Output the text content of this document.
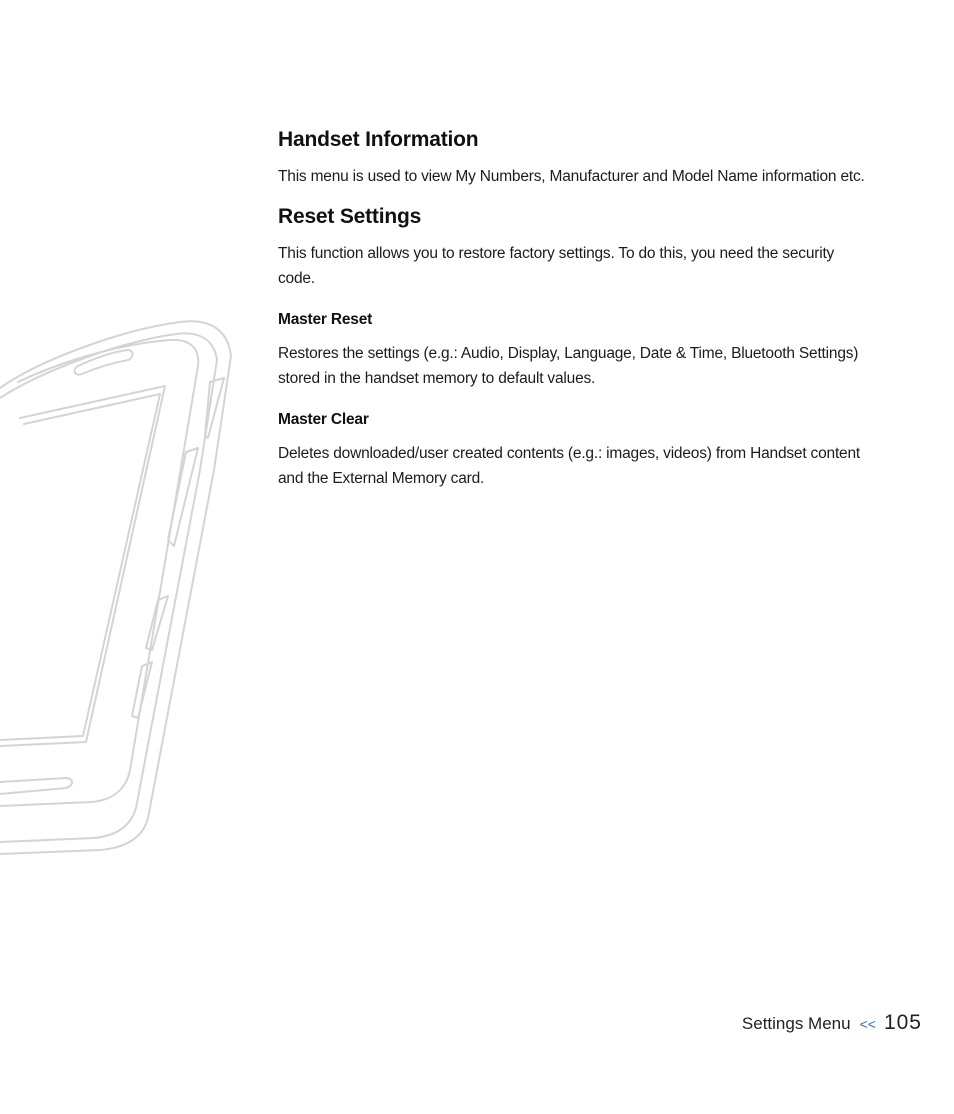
Handset Information

This menu is used to view My Numbers, Manufacturer and Model Name information etc.

Reset Settings

This function allows you to restore factory settings. To do this, you need the security code.

Master Reset

Restores the settings (e.g.: Audio, Display, Language, Date & Time, Bluetooth Settings) stored in the handset memory to default values.

Master Clear

Deletes downloaded/user created contents (e.g.: images, videos) from Handset content and the External Memory card.

Settings Menu << 105
